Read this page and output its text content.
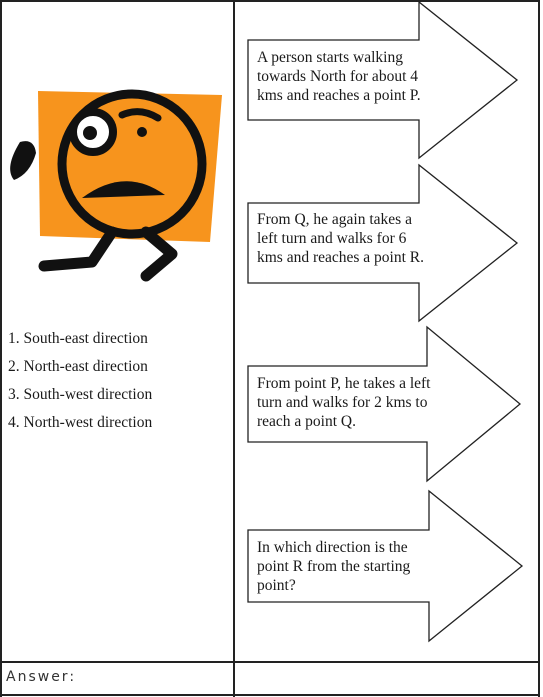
1. South-east direction
2. North-east direction
3. South-west direction
4. North-west direction
A person starts walking
towards North for about 4
kms and reaches a point P.
From Q, he again takes a
left turn and walks for 6
kms and reaches a point R.
From point P, he takes a left
turn and walks for 2 kms to
reach a point Q.
In which direction is the
point R from the starting
point?
Answer:
